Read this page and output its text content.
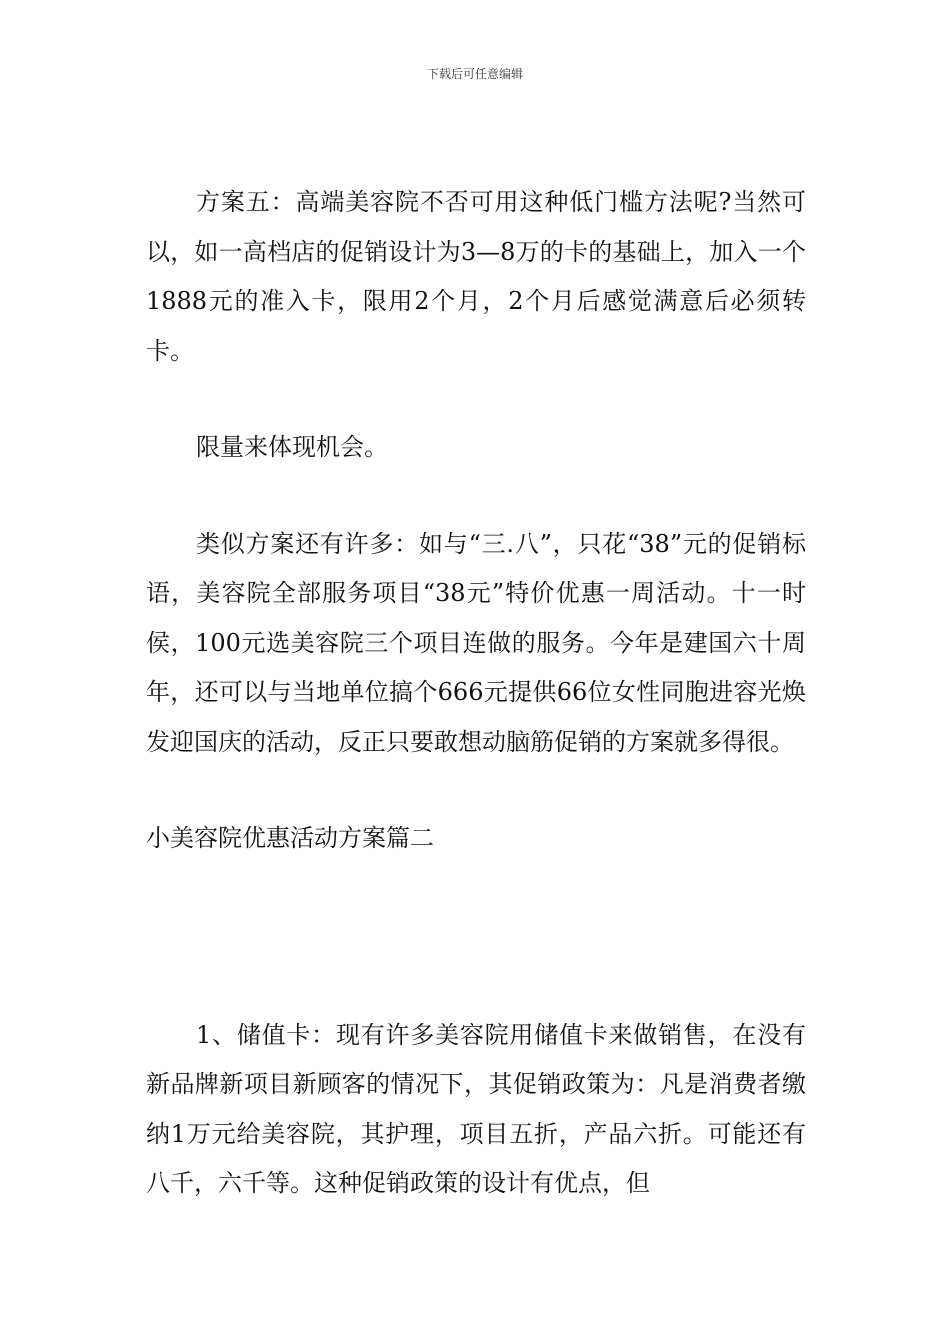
下载后可任意编辑

方案五：高端美容院不否可用这种低门槛方法呢?当然可以，如一高档店的促销设计为3—8万的卡的基础上，加入一个1888元的准入卡，限用2个月，2个月后感觉满意后必须转卡。

限量来体现机会。

类似方案还有许多：如与“三.八”，只花“38”元的促销标语，美容院全部服务项目“38元”特价优惠一周活动。十一时侯，100元选美容院三个项目连做的服务。今年是建国六十周年，还可以与当地单位搞个666元提供66位女性同胞进容光焕发迎国庆的活动，反正只要敢想动脑筋促销的方案就多得很。

小美容院优惠活动方案篇二

1、储值卡：现有许多美容院用储值卡来做销售，在没有新品牌新项目新顾客的情况下，其促销政策为：凡是消费者缴纳1万元给美容院，其护理，项目五折，产品六折。可能还有八千，六千等。这种促销政策的设计有优点，但
